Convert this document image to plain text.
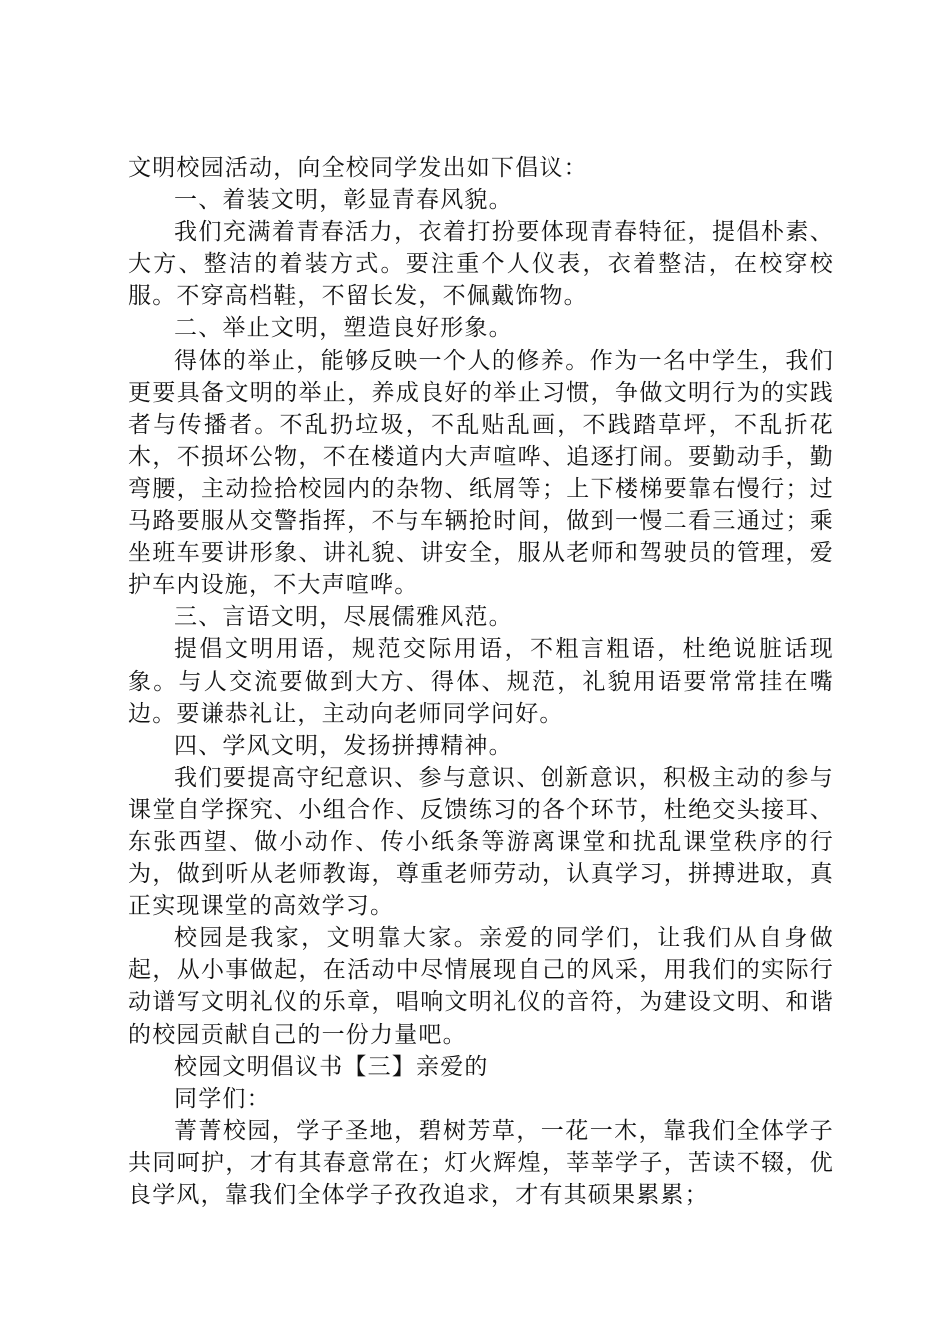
文明校园活动，向全校同学发出如下倡议：

一、着装文明，彰显青春风貌。

我们充满着青春活力，衣着打扮要体现青春特征，提倡朴素、大方、整洁的着装方式。要注重个人仪表，衣着整洁，在校穿校服。不穿高档鞋，不留长发，不佩戴饰物。

二、举止文明，塑造良好形象。

得体的举止，能够反映一个人的修养。作为一名中学生，我们更要具备文明的举止，养成良好的举止习惯，争做文明行为的实践者与传播者。不乱扔垃圾，不乱贴乱画，不践踏草坪，不乱折花木，不损坏公物，不在楼道内大声喧哗、追逐打闹。要勤动手，勤弯腰，主动捡拾校园内的杂物、纸屑等；上下楼梯要靠右慢行；过马路要服从交警指挥，不与车辆抢时间，做到一慢二看三通过；乘坐班车要讲形象、讲礼貌、讲安全，服从老师和驾驶员的管理，爱护车内设施，不大声喧哗。

三、言语文明，尽展儒雅风范。

提倡文明用语，规范交际用语，不粗言粗语，杜绝说脏话现象。与人交流要做到大方、得体、规范，礼貌用语要常常挂在嘴边。要谦恭礼让，主动向老师同学问好。

四、学风文明，发扬拼搏精神。

我们要提高守纪意识、参与意识、创新意识，积极主动的参与课堂自学探究、小组合作、反馈练习的各个环节，杜绝交头接耳、东张西望、做小动作、传小纸条等游离课堂和扰乱课堂秩序的行为，做到听从老师教诲，尊重老师劳动，认真学习，拼搏进取，真正实现课堂的高效学习。

校园是我家，文明靠大家。亲爱的同学们，让我们从自身做起，从小事做起，在活动中尽情展现自己的风采，用我们的实际行动谱写文明礼仪的乐章，唱响文明礼仪的音符，为建设文明、和谐的校园贡献自己的一份力量吧。

校园文明倡议书【三】亲爱的

同学们：

菁菁校园，学子圣地，碧树芳草，一花一木，靠我们全体学子共同呵护，才有其春意常在；灯火辉煌，莘莘学子，苦读不辍，优良学风，靠我们全体学子孜孜追求，才有其硕果累累；
